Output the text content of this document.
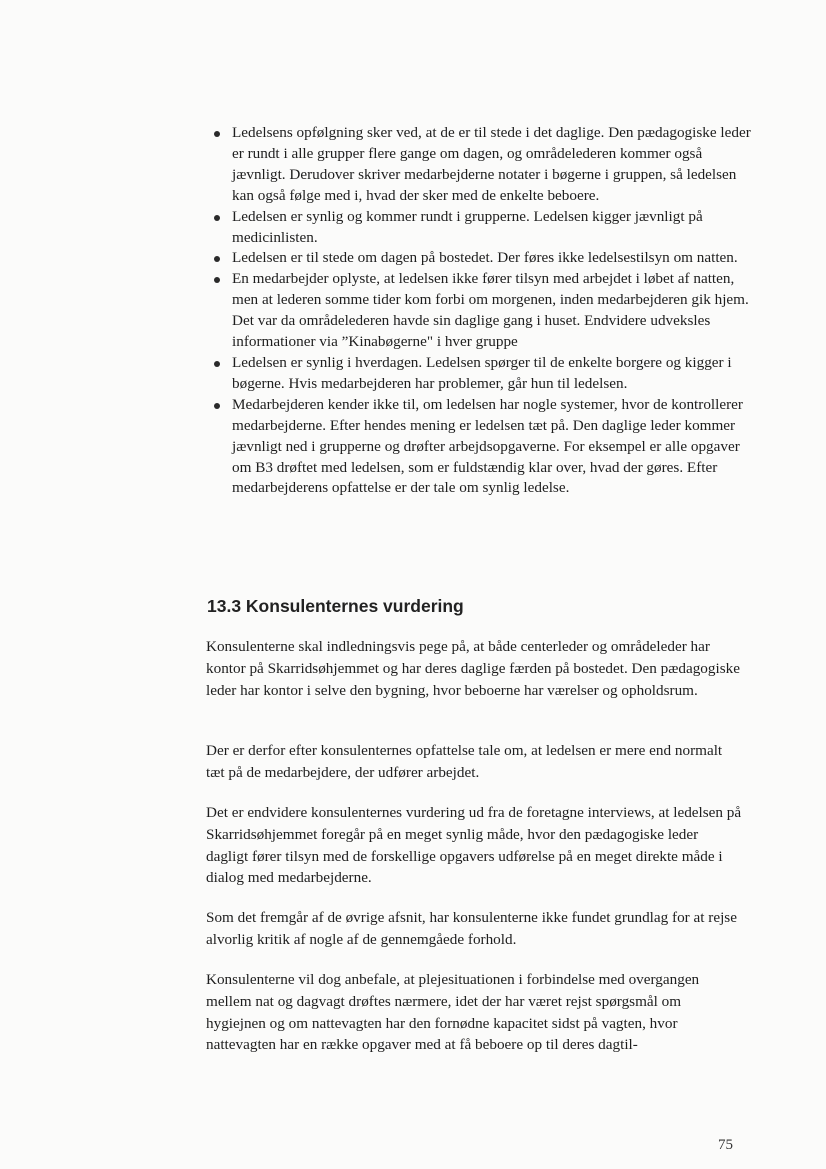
Ledelsens opfølgning sker ved, at de er til stede i det daglige. Den pædagogiske leder er rundt i alle grupper flere gange om dagen, og områdelederen kommer også jævnligt. Derudover skriver medarbejderne notater i bøgerne i gruppen, så ledelsen kan også følge med i, hvad der sker med de enkelte beboere.
Ledelsen er synlig og kommer rundt i grupperne. Ledelsen kigger jævnligt på medicinlisten.
Ledelsen er til stede om dagen på bostedet. Der føres ikke ledelsestilsyn om natten.
En medarbejder oplyste, at ledelsen ikke fører tilsyn med arbejdet i løbet af natten, men at lederen somme tider kom forbi om morgenen, inden medarbejderen gik hjem. Det var da områdelederen havde sin daglige gang i huset. Endvidere udveksles informationer via ”Kinabøgerne" i hver gruppe
Ledelsen er synlig i hverdagen. Ledelsen spørger til de enkelte borgere og kigger i bøgerne. Hvis medarbejderen har problemer, går hun til ledelsen.
Medarbejderen kender ikke til, om ledelsen har nogle systemer, hvor de kontrollerer medarbejderne. Efter hendes mening er ledelsen tæt på. Den daglige leder kommer jævnligt ned i grupperne og drøfter arbejdsopgaverne. For eksempel er alle opgaver om B3 drøftet med ledelsen, som er fuldstændig klar over, hvad der gøres. Efter medarbejderens opfattelse er der tale om synlig ledelse.
13.3 Konsulenternes vurdering

Konsulenterne skal indledningsvis pege på, at både centerleder og områdeleder har kontor på Skarridsøhjemmet og har deres daglige færden på bostedet. Den pædagogiske leder har kontor i selve den bygning, hvor beboerne har værelser og opholdsrum.

Der er derfor efter konsulenternes opfattelse tale om, at ledelsen er mere end normalt tæt på de medarbejdere, der udfører arbejdet.

Det er endvidere konsulenternes vurdering ud fra de foretagne interviews, at ledelsen på Skarridsøhjemmet foregår på en meget synlig måde, hvor den pædagogiske leder dagligt fører tilsyn med de forskellige opgavers udførelse på en meget direkte måde i dialog med medarbejderne.

Som det fremgår af de øvrige afsnit, har konsulenterne ikke fundet grundlag for at rejse alvorlig kritik af nogle af de gennemgåede forhold.

Konsulenterne vil dog anbefale, at plejesituationen i forbindelse med overgangen mellem nat og dagvagt drøftes nærmere, idet der har været rejst spørgsmål om hygiejnen og om nattevagten har den fornødne kapacitet sidst på vagten, hvor nattevagten har en række opgaver med at få beboere op til deres dagtil-

75
